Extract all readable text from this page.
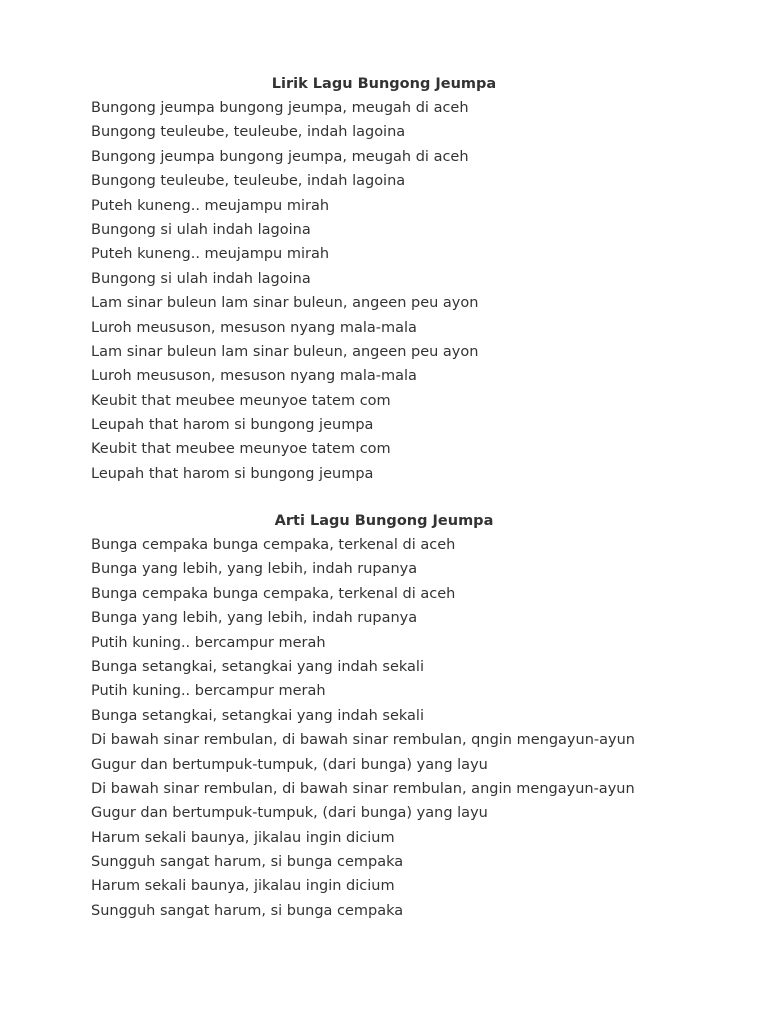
Lirik Lagu Bungong Jeumpa
Bungong jeumpa bungong jeumpa, meugah di aceh
Bungong teuleube, teuleube, indah lagoina
Bungong jeumpa bungong jeumpa, meugah di aceh
Bungong teuleube, teuleube, indah lagoina
Puteh kuneng.. meujampu mirah
Bungong si ulah indah lagoina
Puteh kuneng.. meujampu mirah
Bungong si ulah indah lagoina
Lam sinar buleun lam sinar buleun, angeen peu ayon
Luroh meususon, mesuson nyang mala-mala
Lam sinar buleun lam sinar buleun, angeen peu ayon
Luroh meususon, mesuson nyang mala-mala
Keubit that meubee meunyoe tatem com
Leupah that harom si bungong jeumpa
Keubit that meubee meunyoe tatem com
Leupah that harom si bungong jeumpa
Arti Lagu Bungong Jeumpa
Bunga cempaka bunga cempaka, terkenal di aceh
Bunga yang lebih, yang lebih, indah rupanya
Bunga cempaka bunga cempaka, terkenal di aceh
Bunga yang lebih, yang lebih, indah rupanya
Putih kuning.. bercampur merah
Bunga setangkai, setangkai yang indah sekali
Putih kuning.. bercampur merah
Bunga setangkai, setangkai yang indah sekali
Di bawah sinar rembulan, di bawah sinar rembulan, qngin mengayun-ayun
Gugur dan bertumpuk-tumpuk, (dari bunga) yang layu
Di bawah sinar rembulan, di bawah sinar rembulan, angin mengayun-ayun
Gugur dan bertumpuk-tumpuk, (dari bunga) yang layu
Harum sekali baunya, jikalau ingin dicium
Sungguh sangat harum, si bunga cempaka
Harum sekali baunya, jikalau ingin dicium
Sungguh sangat harum, si bunga cempaka
